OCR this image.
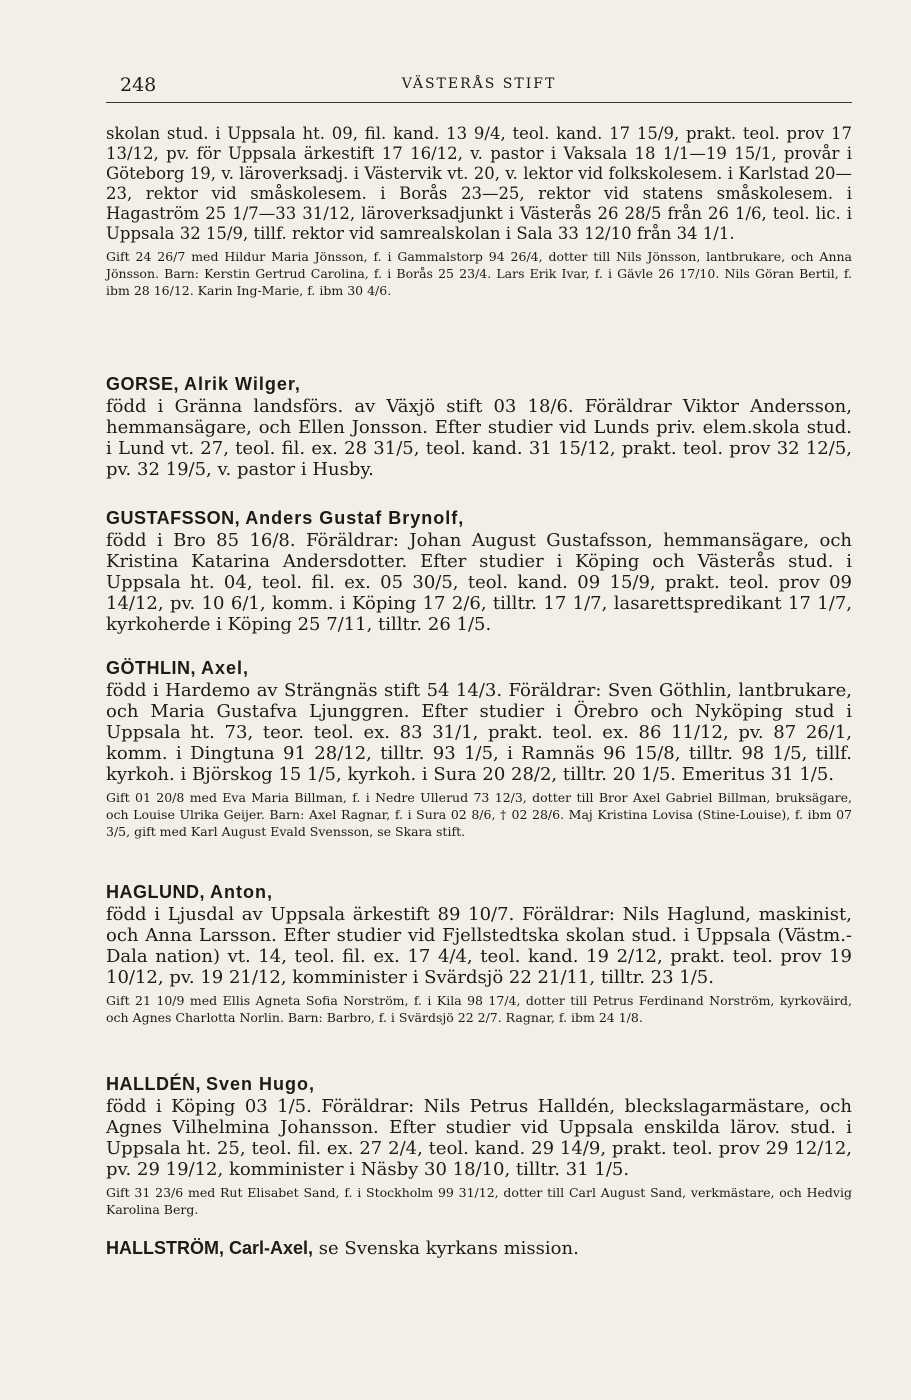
248	VÄSTERÅS STIFT
skolan stud. i Uppsala ht. 09, fil. kand. 13 9/4, teol. kand. 17 15/9, prakt. teol. prov 17 13/12, pv. för Uppsala ärkestift 17 16/12, v. pastor i Vaksala 18 1/1—19 15/1, provår i Göteborg 19, v. läroverksadj. i Västervik vt. 20, v. lektor vid folkskolesem. i Karlstad 20—23, rektor vid småskolesem. i Borås 23—25, rektor vid statens småskolesem. i Hagaström 25 1/7—33 31/12, läroverksadjunkt i Västerås 26 28/5 från 26 1/6, teol. lic. i Uppsala 32 15/9, tillf. rektor vid samrealskolan i Sala 33 12/10 från 34 1/1.
Gift 24 26/7 med Hildur Maria Jönsson, f. i Gammalstorp 94 26/4, dotter till Nils Jönsson, lantbrukare, och Anna Jönsson. Barn: Kerstin Gertrud Carolina, f. i Borås 25 23/4. Lars Erik Ivar, f. i Gävle 26 17/10. Nils Göran Bertil, f. ibm 28 16/12. Karin Ing-Marie, f. ibm 30 4/6.
GORSE, Alrik Wilger,
född i Gränna landsförs. av Växjö stift 03 18/6. Föräldrar Viktor Andersson, hemmansägare, och Ellen Jonsson. Efter studier vid Lunds priv. elem.skola stud. i Lund vt. 27, teol. fil. ex. 28 31/5, teol. kand. 31 15/12, prakt. teol. prov 32 12/5, pv. 32 19/5, v. pastor i Husby.
GUSTAFSSON, Anders Gustaf Brynolf,
född i Bro 85 16/8. Föräldrar: Johan August Gustafsson, hemmansägare, och Kristina Katarina Andersdotter. Efter studier i Köping och Västerås stud. i Uppsala ht. 04, teol. fil. ex. 05 30/5, teol. kand. 09 15/9, prakt. teol. prov 09 14/12, pv. 10 6/1, komm. i Köping 17 2/6, tilltr. 17 1/7, lasarettspredikant 17 1/7, kyrkoherde i Köping 25 7/11, tilltr. 26 1/5.
GÖTHLIN, Axel,
född i Hardemo av Strängnäs stift 54 14/3. Föräldrar: Sven Göthlin, lantbrukare, och Maria Gustafva Ljunggren. Efter studier i Örebro och Nyköping stud i Uppsala ht. 73, teor. teol. ex. 83 31/1, prakt. teol. ex. 86 11/12, pv. 87 26/1, komm. i Dingtuna 91 28/12, tilltr. 93 1/5, i Ramnäs 96 15/8, tilltr. 98 1/5, tillf. kyrkoh. i Björskog 15 1/5, kyrkoh. i Sura 20 28/2, tilltr. 20 1/5. Emeritus 31 1/5.
Gift 01 20/8 med Eva Maria Billman, f. i Nedre Ullerud 73 12/3, dotter till Bror Axel Gabriel Billman, bruksägare, och Louise Ulrika Geijer. Barn: Axel Ragnar, f. i Sura 02 8/6, † 02 28/6. Maj Kristina Lovisa (Stine-Louise), f. ibm 07 3/5, gift med Karl August Evald Svensson, se Skara stift.
HAGLUND, Anton,
född i Ljusdal av Uppsala ärkestift 89 10/7. Föräldrar: Nils Haglund, maskinist, och Anna Larsson. Efter studier vid Fjellstedtska skolan stud. i Uppsala (Västm.-Dala nation) vt. 14, teol. fil. ex. 17 4/4, teol. kand. 19 2/12, prakt. teol. prov 19 10/12, pv. 19 21/12, komminister i Svärdsjö 22 21/11, tilltr. 23 1/5.
Gift 21 10/9 med Ellis Agneta Sofia Norström, f. i Kila 98 17/4, dotter till Petrus Ferdinand Norström, kyrkoväird, och Agnes Charlotta Norlin. Barn: Barbro, f. i Svärdsjö 22 2/7. Ragnar, f. ibm 24 1/8.
HALLDÉN, Sven Hugo,
född i Köping 03 1/5. Föräldrar: Nils Petrus Halldén, bleckslagarmästare, och Agnes Vilhelmina Johansson. Efter studier vid Uppsala enskilda lärov. stud. i Uppsala ht. 25, teol. fil. ex. 27 2/4, teol. kand. 29 14/9, prakt. teol. prov 29 12/12, pv. 29 19/12, komminister i Näsby 30 18/10, tilltr. 31 1/5.
Gift 31 23/6 med Rut Elisabet Sand, f. i Stockholm 99 31/12, dotter till Carl August Sand, verkmästare, och Hedvig Karolina Berg.
HALLSTRÖM, Carl-Axel, se Svenska kyrkans mission.
